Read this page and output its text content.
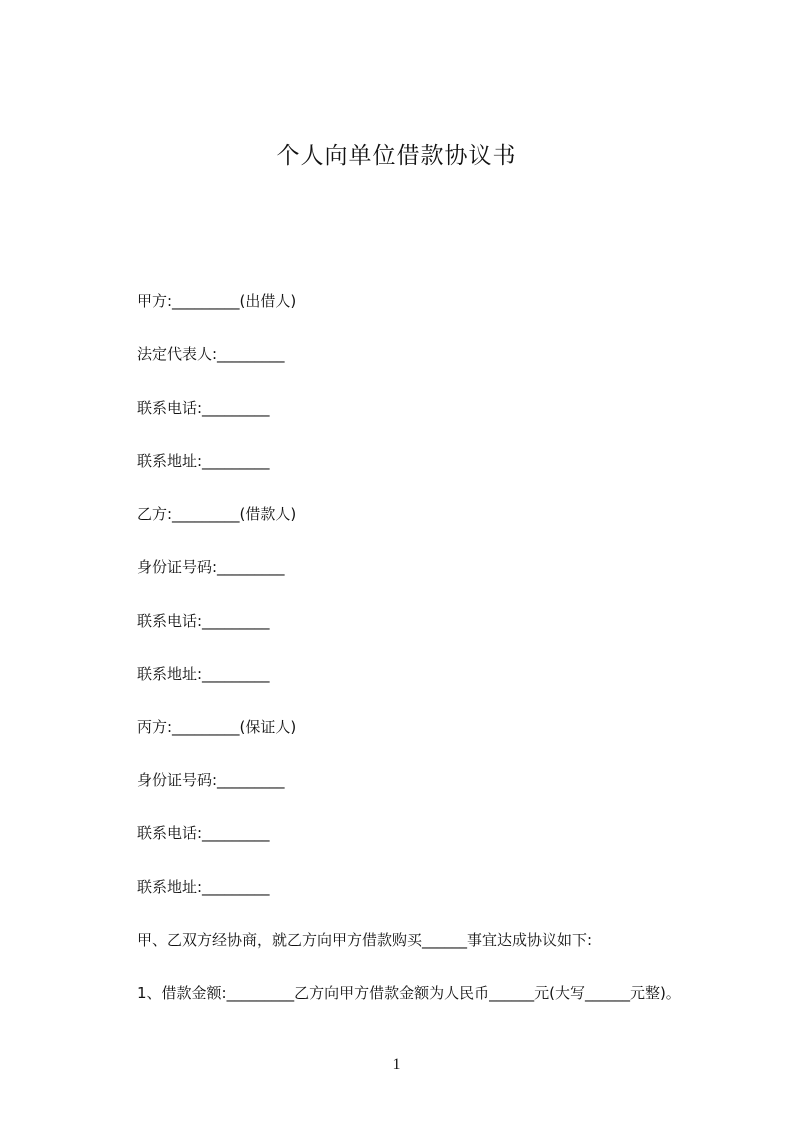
个人向单位借款协议书
甲方:_________(出借人)
法定代表人:_________
联系电话:_________
联系地址:_________
乙方:_________(借款人)
身份证号码:_________
联系电话:_________
联系地址:_________
丙方:_________(保证人)
身份证号码:_________
联系电话:_________
联系地址:_________
甲、乙双方经协商，就乙方向甲方借款购买______事宜达成协议如下:
1、借款金额:_________乙方向甲方借款金额为人民币______元(大写______元整)。
1
